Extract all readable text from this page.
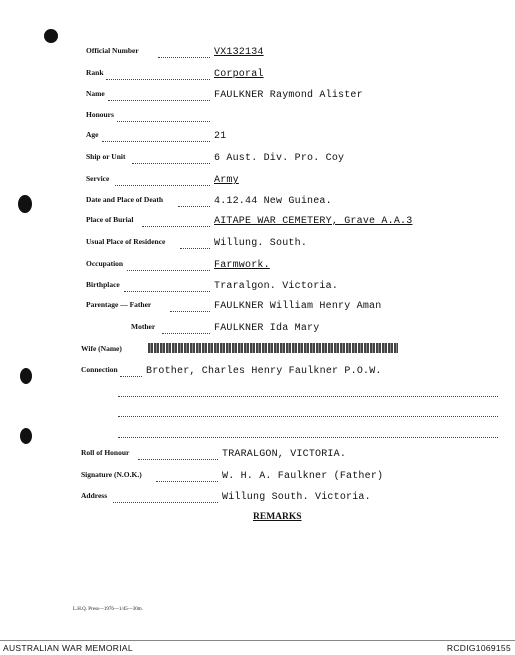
Official Number	VX132134
Rank	Corporal
Name	FAULKNER Raymond Alister
Honours
Age	21
Ship or Unit	6 Aust. Div. Pro. Coy
Service	Army
Date and Place of Death	4.12.44 New Guinea.
Place of Burial	AITAPE WAR CEMETERY, Grave A.A.3
Usual Place of Residence	Willung. South.
Occupation	Farmwork.
Birthplace	Traralgon. Victoria.
Parentage — Father	FAULKNER William Henry Aman
Mother	FAULKNER Ida Mary
Wife (Name)
Connection	Brother, Charles Henry Faulkner P.O.W.
Roll of Honour	TRARALGON, VICTORIA.
Signature (N.O.K.)	W. H. A. Faulkner (Father)
Address	Willung South. Victoria.
REMARKS
L.H.Q. Press—1976—1/45—30m.
AUSTRALIAN WAR MEMORIAL	RCDIG1069155
